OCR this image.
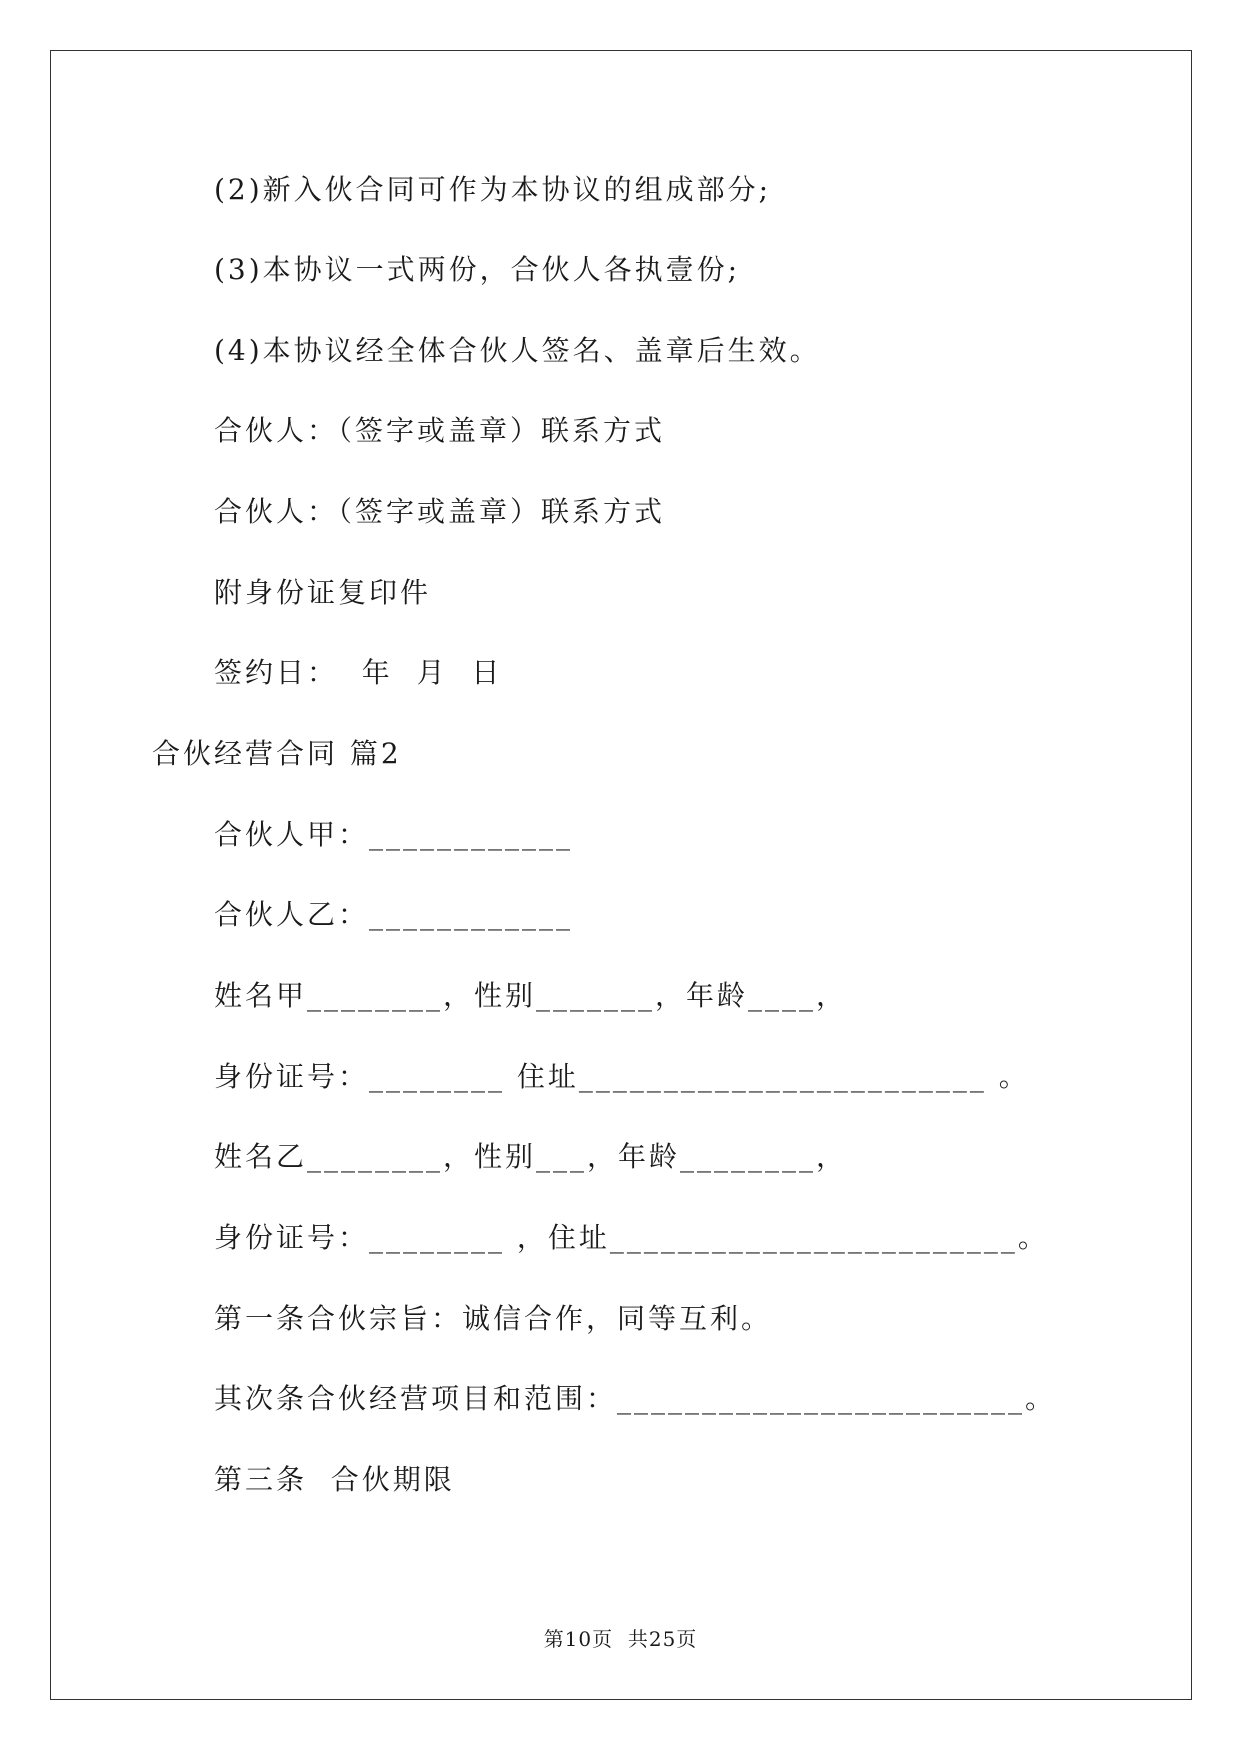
(2)新入伙合同可作为本协议的组成部分;
(3)本协议一式两份，合伙人各执壹份;
(4)本协议经全体合伙人签名、盖章后生效。
合伙人：（签字或盖章）联系方式
合伙人：（签字或盖章）联系方式
附身份证复印件
签约日：  年  月  日
合伙经营合同 篇2
合伙人甲：____________
合伙人乙：____________
姓名甲________，性别_______，年龄____，
身份证号：________ 住址________________________ 。
姓名乙________，性别___，年龄________，
身份证号：________ ，住址________________________。
第一条合伙宗旨：诚信合作，同等互利。
其次条合伙经营项目和范围：________________________。
第三条  合伙期限
第10页  共25页
